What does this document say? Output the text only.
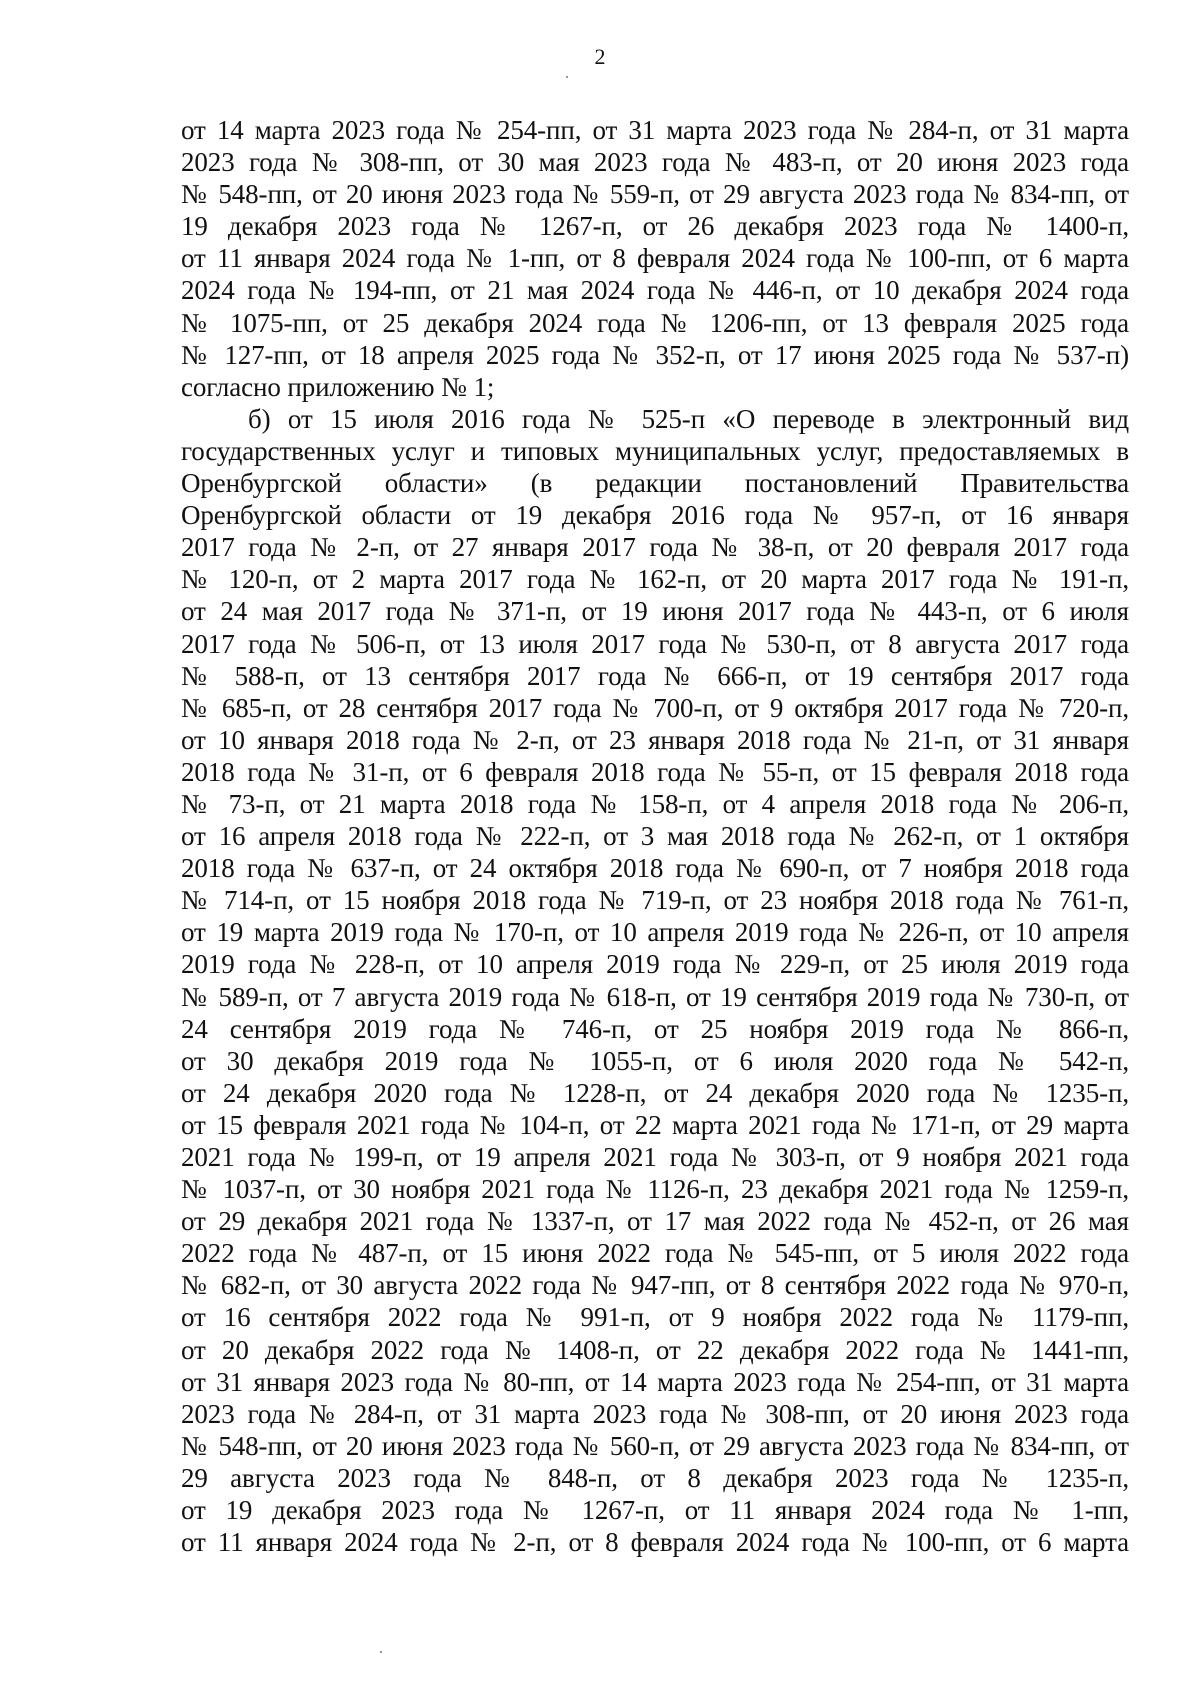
2
от 14 марта 2023 года № 254-пп, от 31 марта 2023 года № 284-п, от 31 марта
2023 года № 308-пп, от 30 мая 2023 года № 483-п, от 20 июня 2023 года
№ 548-пп, от 20 июня 2023 года № 559-п, от 29 августа 2023 года № 834-пп, от
19 декабря 2023 года № 1267-п, от 26 декабря 2023 года № 1400-п,
от 11 января 2024 года № 1-пп, от 8 февраля 2024 года № 100-пп, от 6 марта
2024 года № 194-пп, от 21 мая 2024 года № 446-п, от 10 декабря 2024 года
№ 1075-пп, от 25 декабря 2024 года № 1206-пп, от 13 февраля 2025 года
№ 127-пп, от 18 апреля 2025 года № 352-п, от 17 июня 2025 года № 537-п)
согласно приложению № 1;
б) от 15 июля 2016 года № 525-п «О переводе в электронный вид
государственных услуг и типовых муниципальных услуг, предоставляемых в
Оренбургской области» (в редакции постановлений Правительства
Оренбургской области от 19 декабря 2016 года № 957-п, от 16 января
2017 года № 2-п, от 27 января 2017 года № 38-п, от 20 февраля 2017 года
№ 120-п, от 2 марта 2017 года № 162-п, от 20 марта 2017 года № 191-п,
от 24 мая 2017 года № 371-п, от 19 июня 2017 года № 443-п, от 6 июля
2017 года № 506-п, от 13 июля 2017 года № 530-п, от 8 августа 2017 года
№ 588-п, от 13 сентября 2017 года № 666-п, от 19 сентября 2017 года
№ 685-п, от 28 сентября 2017 года № 700-п, от 9 октября 2017 года № 720-п,
от 10 января 2018 года № 2-п, от 23 января 2018 года № 21-п, от 31 января
2018 года № 31-п, от 6 февраля 2018 года № 55-п, от 15 февраля 2018 года
№ 73-п, от 21 марта 2018 года № 158-п, от 4 апреля 2018 года № 206-п,
от 16 апреля 2018 года № 222-п, от 3 мая 2018 года № 262-п, от 1 октября
2018 года № 637-п, от 24 октября 2018 года № 690-п, от 7 ноября 2018 года
№ 714-п, от 15 ноября 2018 года № 719-п, от 23 ноября 2018 года № 761-п,
от 19 марта 2019 года № 170-п, от 10 апреля 2019 года № 226-п, от 10 апреля
2019 года № 228-п, от 10 апреля 2019 года № 229-п, от 25 июля 2019 года
№ 589-п, от 7 августа 2019 года № 618-п, от 19 сентября 2019 года № 730-п, от
24 сентября 2019 года № 746-п, от 25 ноября 2019 года № 866-п,
от 30 декабря 2019 года № 1055-п, от 6 июля 2020 года № 542-п,
от 24 декабря 2020 года № 1228-п, от 24 декабря 2020 года № 1235-п,
от 15 февраля 2021 года № 104-п, от 22 марта 2021 года № 171-п, от 29 марта
2021 года № 199-п, от 19 апреля 2021 года № 303-п, от 9 ноября 2021 года
№ 1037-п, от 30 ноября 2021 года № 1126-п, 23 декабря 2021 года № 1259-п,
от 29 декабря 2021 года № 1337-п, от 17 мая 2022 года № 452-п, от 26 мая
2022 года № 487-п, от 15 июня 2022 года № 545-пп, от 5 июля 2022 года
№ 682-п, от 30 августа 2022 года № 947-пп, от 8 сентября 2022 года № 970-п,
от 16 сентября 2022 года № 991-п, от 9 ноября 2022 года № 1179-пп,
от 20 декабря 2022 года № 1408-п, от 22 декабря 2022 года № 1441-пп,
от 31 января 2023 года № 80-пп, от 14 марта 2023 года № 254-пп, от 31 марта
2023 года № 284-п, от 31 марта 2023 года № 308-пп, от 20 июня 2023 года
№ 548-пп, от 20 июня 2023 года № 560-п, от 29 августа 2023 года № 834-пп, от
29 августа 2023 года № 848-п, от 8 декабря 2023 года № 1235-п,
от 19 декабря 2023 года № 1267-п, от 11 января 2024 года № 1-пп,
от 11 января 2024 года № 2-п, от 8 февраля 2024 года № 100-пп, от 6 марта
